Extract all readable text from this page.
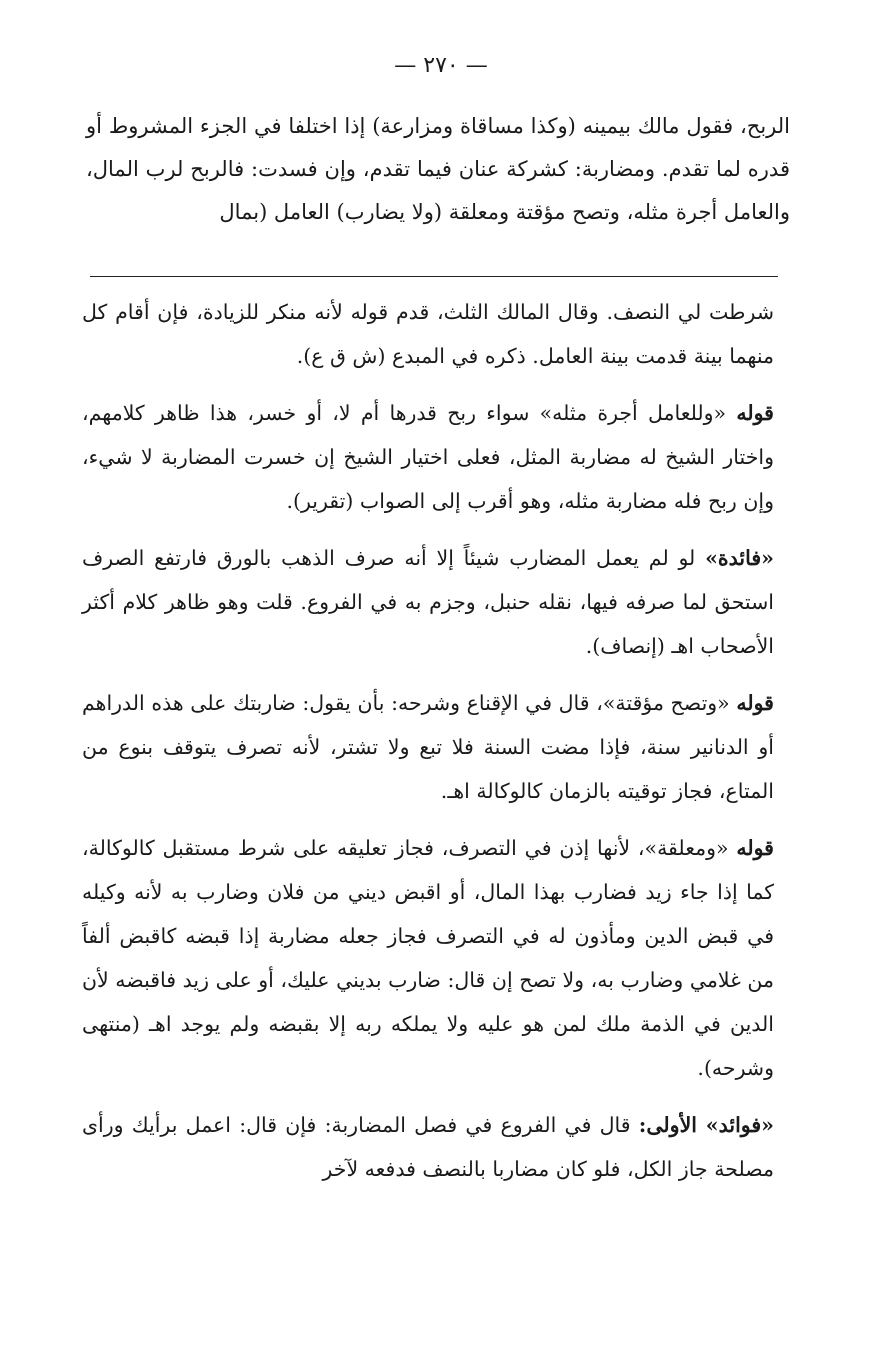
— ٢٧٠ —
الربح، فقول مالك بيمينه (وكذا مساقاة ومزارعة) إذا اختلفا في الجزء المشروط أو قدره لما تقدم. ومضاربة: كشركة عنان فيما تقدم، وإن فسدت: فالربح لرب المال، والعامل أجرة مثله، وتصح مؤقتة ومعلقة (ولا يضارب) العامل (بمال

شرطت لي النصف. وقال المالك الثلث، قدم قوله لأنه منكر للزيادة، فإن أقام كل منهما بينة قدمت بينة العامل. ذكره في المبدع (ش ق ع).

قوله «وللعامل أجرة مثله» سواء ربح قدرها أم لا، أو خسر، هذا ظاهر كلامهم، واختار الشيخ له مضاربة المثل، فعلى اختيار الشيخ إن خسرت المضاربة لا شيء، وإن ربح فله مضاربة مثله، وهو أقرب إلى الصواب (تقرير).

«فائدة» لو لم يعمل المضارب شيئاً إلا أنه صرف الذهب بالورق فارتفع الصرف استحق لما صرفه فيها، نقله حنبل، وجزم به في الفروع. قلت وهو ظاهر كلام أكثر الأصحاب اهـ (إنصاف).

قوله «وتصح مؤقتة»، قال في الإقناع وشرحه: بأن يقول: ضاربتك على هذه الدراهم أو الدنانير سنة، فإذا مضت السنة فلا تبع ولا تشتر، لأنه تصرف يتوقف بنوع من المتاع، فجاز توقيته بالزمان كالوكالة اهـ.

قوله «ومعلقة»، لأنها إذن في التصرف، فجاز تعليقه على شرط مستقبل كالوكالة، كما إذا جاء زيد فضارب بهذا المال، أو اقبض ديني من فلان وضارب به لأنه وكيله في قبض الدين ومأذون له في التصرف فجاز جعله مضاربة إذا قبضه كاقبض ألفاً من غلامي وضارب به، ولا تصح إن قال: ضارب بديني عليك، أو على زيد فاقبضه لأن الدين في الذمة ملك لمن هو عليه ولا يملكه ربه إلا بقبضه ولم يوجد اهـ (منتهى وشرحه).

«فوائد» الأولى: قال في الفروع في فصل المضاربة: فإن قال: اعمل برأيك ورأى مصلحة جاز الكل، فلو كان مضاربا بالنصف فدفعه لآخر
